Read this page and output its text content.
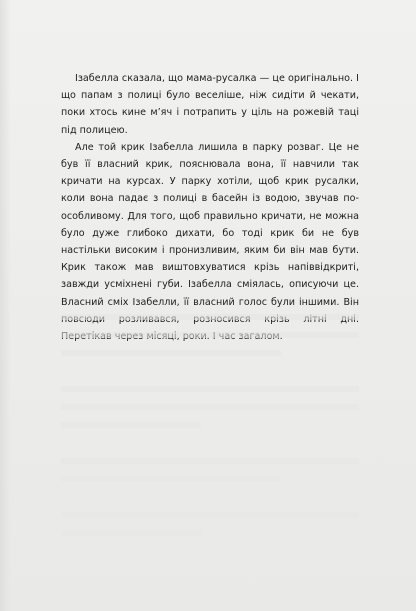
Ізабелла сказала, що мама-русалка — це оригінально. І що папам з полиці було веселіше, ніж сидіти й чекати, поки хтось кине м’яч і потрапить у ціль на рожевій таці під полицею.

Але той крик Ізабелла лишила в парку розваг. Це не був її власний крик, пояснювала вона, її навчили так кричати на курсах. У парку хотіли, щоб крик русалки, коли вона падає з полиці в басейн із водою, звучав по-особливому. Для того, щоб правильно кричати, не можна було дуже глибоко дихати, бо тоді крик би не був настільки високим і пронизливим, яким би він мав бути. Крик також мав виштовхуватися крізь напіввідкриті, завжди усміхнені губи. Ізабелла сміялась, описуючи це. Власний сміх Ізабелли, її власний голос були іншими. Він
